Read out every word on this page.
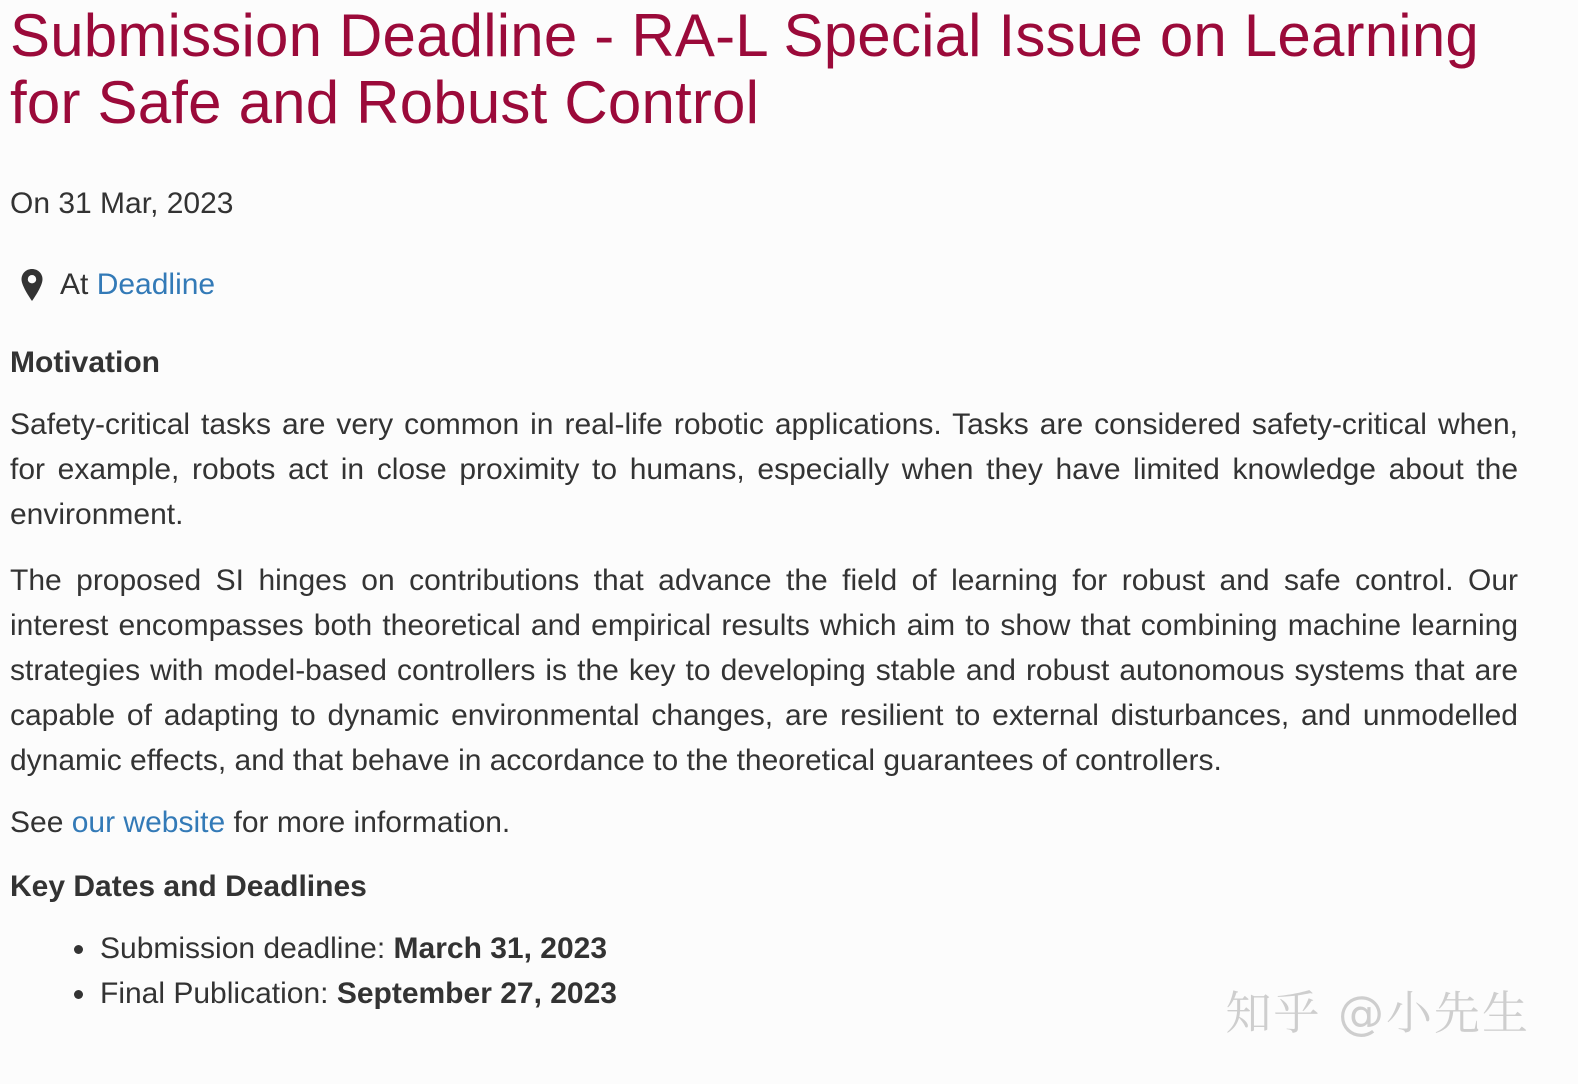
Submission Deadline - RA-L Special Issue on Learning for Safe and Robust Control

On 31 Mar, 2023

At
Deadline

Motivation

Safety-critical tasks are very common in real-life robotic applications. Tasks are considered safety-critical when, for example, robots act in close proximity to humans, especially when they have limited knowledge about the environment.

The proposed SI hinges on contributions that advance the field of learning for robust and safe control. Our interest encompasses both theoretical and empirical results which aim to show that combining machine learning strategies with model-based controllers is the key to developing stable and robust autonomous systems that are capable of adapting to dynamic environmental changes, are resilient to external disturbances, and unmodelled dynamic effects, and that behave in accordance to the theoretical guarantees of controllers.

See our website for more information.

Key Dates and Deadlines
• Submission deadline: March 31, 2023
• Final Publication: September 27, 2023	知乎 @小先生
